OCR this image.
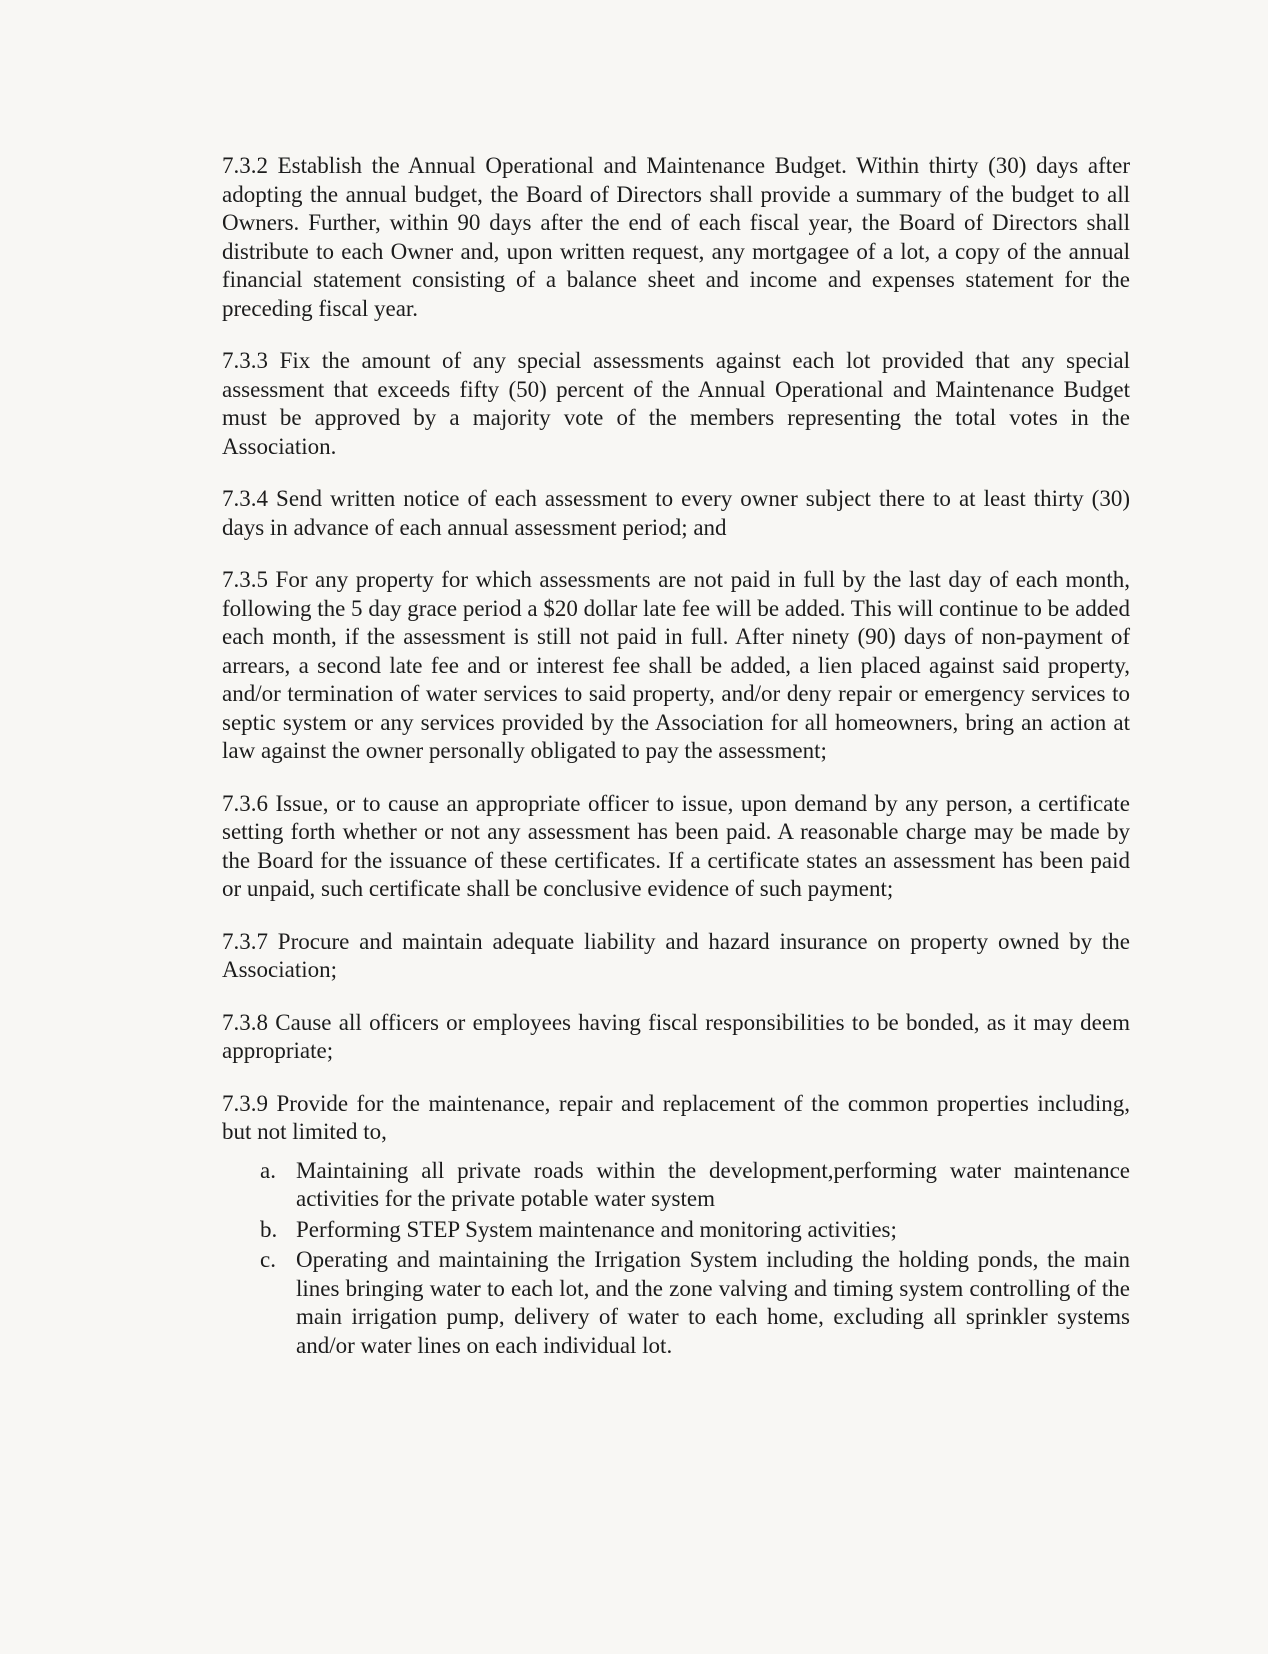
7.3.2 Establish the Annual Operational and Maintenance Budget. Within thirty (30) days after adopting the annual budget, the Board of Directors shall provide a summary of the budget to all Owners. Further, within 90 days after the end of each fiscal year, the Board of Directors shall distribute to each Owner and, upon written request, any mortgagee of a lot, a copy of the annual financial statement consisting of a balance sheet and income and expenses statement for the preceding fiscal year.

7.3.3 Fix the amount of any special assessments against each lot provided that any special assessment that exceeds fifty (50) percent of the Annual Operational and Maintenance Budget must be approved by a majority vote of the members representing the total votes in the Association.

7.3.4 Send written notice of each assessment to every owner subject there to at least thirty (30) days in advance of each annual assessment period; and

7.3.5 For any property for which assessments are not paid in full by the last day of each month, following the 5 day grace period a $20 dollar late fee will be added. This will continue to be added each month, if the assessment is still not paid in full. After ninety (90) days of non-payment of arrears, a second late fee and or interest fee shall be added, a lien placed against said property, and/or termination of water services to said property, and/or deny repair or emergency services to septic system or any services provided by the Association for all homeowners, bring an action at law against the owner personally obligated to pay the assessment;

7.3.6 Issue, or to cause an appropriate officer to issue, upon demand by any person, a certificate setting forth whether or not any assessment has been paid. A reasonable charge may be made by the Board for the issuance of these certificates. If a certificate states an assessment has been paid or unpaid, such certificate shall be conclusive evidence of such payment;

7.3.7 Procure and maintain adequate liability and hazard insurance on property owned by the Association;

7.3.8 Cause all officers or employees having fiscal responsibilities to be bonded, as it may deem appropriate;

7.3.9 Provide for the maintenance, repair and replacement of the common properties including, but not limited to,

a. Maintaining all private roads within the development,performing water maintenance activities for the private potable water system
b. Performing STEP System maintenance and monitoring activities;
c. Operating and maintaining the Irrigation System including the holding ponds, the main lines bringing water to each lot, and the zone valving and timing system controlling of the main irrigation pump, delivery of water to each home, excluding all sprinkler systems and/or water lines on each individual lot.
